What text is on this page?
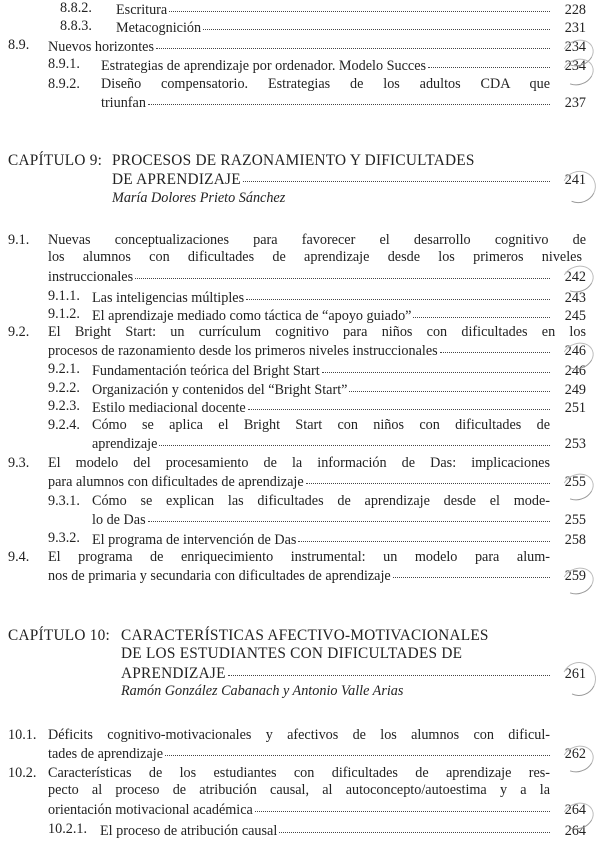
8.8.2. Escritura	228
8.8.3. Metacognición	231
8.9. Nuevos horizontes	234
8.9.1. Estrategias de aprendizaje por ordenador. Modelo Succes	234
8.9.2. Diseño compensatorio. Estrategias de los adultos CDA que
triunfan	237
CAPÍTULO 9: PROCESOS DE RAZONAMIENTO Y DIFICULTADES
DE APRENDIZAJE	241
María Dolores Prieto Sánchez
9.1. Nuevas conceptualizaciones para favorecer el desarrollo cognitivo de
los alumnos con dificultades de aprendizaje desde los primeros niveles
instruccionales	242
9.1.1. Las inteligencias múltiples	243
9.1.2. El aprendizaje mediado como táctica de “apoyo guiado”	245
9.2. El Bright Start: un currículum cognitivo para niños con dificultades en los
procesos de razonamiento desde los primeros niveles instruccionales	246
9.2.1. Fundamentación teórica del Bright Start	246
9.2.2. Organización y contenidos del “Bright Start”	249
9.2.3. Estilo mediacional docente	251
9.2.4. Cómo se aplica el Bright Start con niños con dificultades de
aprendizaje	253
9.3. El modelo del procesamiento de la información de Das: implicaciones
para alumnos con dificultades de aprendizaje	255
9.3.1. Cómo se explican las dificultades de aprendizaje desde el mode-
lo de Das	255
9.3.2. El programa de intervención de Das	258
9.4. El programa de enriquecimiento instrumental: un modelo para alum-
nos de primaria y secundaria con dificultades de aprendizaje	259
CAPÍTULO 10: CARACTERÍSTICAS AFECTIVO-MOTIVACIONALES
DE LOS ESTUDIANTES CON DIFICULTADES DE
APRENDIZAJE	261
Ramón González Cabanach y Antonio Valle Arias
10.1. Déficits cognitivo-motivacionales y afectivos de los alumnos con dificul-
tades de aprendizaje	262
10.2. Características de los estudiantes con dificultades de aprendizaje res-
pecto al proceso de atribución causal, al autoconcepto/autoestima y a la
orientación motivacional académica	264
10.2.1. El proceso de atribución causal	264
